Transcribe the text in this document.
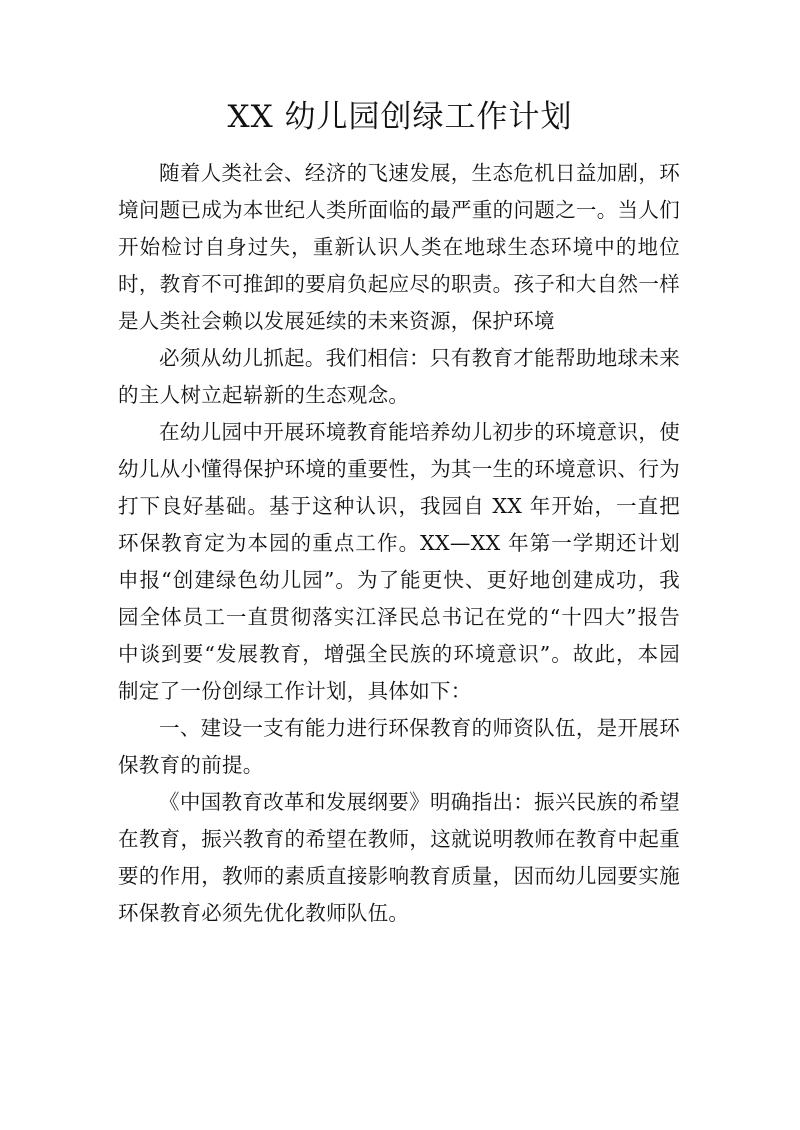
XX 幼儿园创绿工作计划

随着人类社会、经济的飞速发展，生态危机日益加剧，环境问题已成为本世纪人类所面临的最严重的问题之一。当人们开始检讨自身过失，重新认识人类在地球生态环境中的地位时，教育不可推卸的要肩负起应尽的职责。孩子和大自然一样是人类社会赖以发展延续的未来资源，保护环境

必须从幼儿抓起。我们相信：只有教育才能帮助地球未来的主人树立起崭新的生态观念。

在幼儿园中开展环境教育能培养幼儿初步的环境意识，使幼儿从小懂得保护环境的重要性，为其一生的环境意识、行为打下良好基础。基于这种认识，我园自 XX 年开始，一直把环保教育定为本园的重点工作。XX—XX 年第一学期还计划申报“创建绿色幼儿园”。为了能更快、更好地创建成功，我园全体员工一直贯彻落实江泽民总书记在党的“十四大”报告中谈到要“发展教育，增强全民族的环境意识”。故此，本园制定了一份创绿工作计划，具体如下：

一、建设一支有能力进行环保教育的师资队伍，是开展环保教育的前提。

《中国教育改革和发展纲要》明确指出：振兴民族的希望在教育，振兴教育的希望在教师，这就说明教师在教育中起重要的作用，教师的素质直接影响教育质量，因而幼儿园要实施环保教育必须先优化教师队伍。
